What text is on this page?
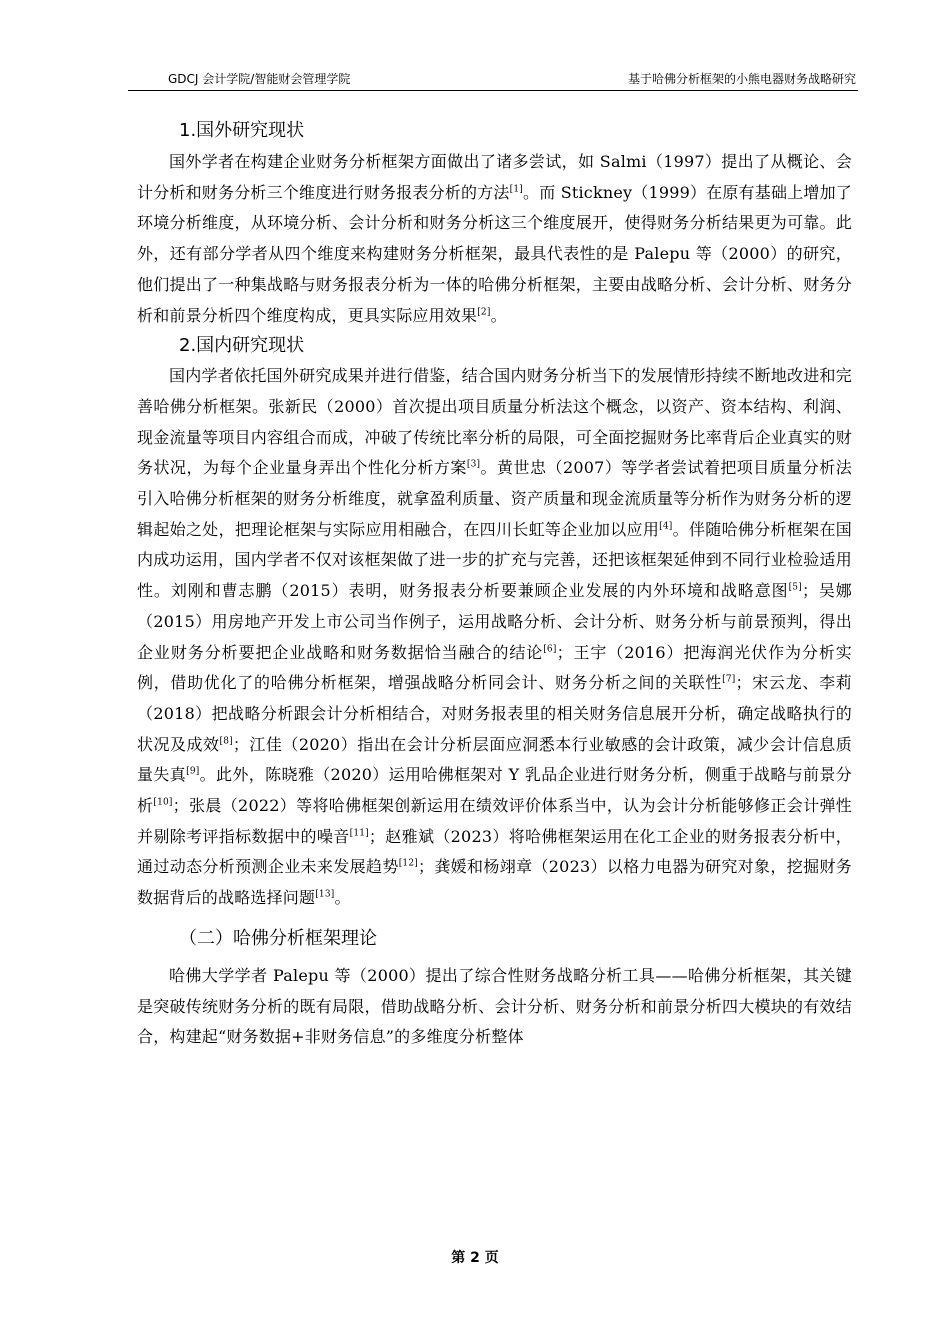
GDCJ 会计学院/智能财会管理学院	基于哈佛分析框架的小熊电器财务战略研究
1.国外研究现状

国外学者在构建企业财务分析框架方面做出了诸多尝试，如 Salmi（1997）提出了从概论、会计分析和财务分析三个维度进行财务报表分析的方法[1]。而 Stickney（1999）在原有基础上增加了环境分析维度，从环境分析、会计分析和财务分析这三个维度展开，使得财务分析结果更为可靠。此外，还有部分学者从四个维度来构建财务分析框架，最具代表性的是 Palepu 等（2000）的研究，他们提出了一种集战略与财务报表分析为一体的哈佛分析框架，主要由战略分析、会计分析、财务分析和前景分析四个维度构成，更具实际应用效果[2]。

2.国内研究现状

国内学者依托国外研究成果并进行借鉴，结合国内财务分析当下的发展情形持续不断地改进和完善哈佛分析框架。张新民（2000）首次提出项目质量分析法这个概念，以资产、资本结构、利润、现金流量等项目内容组合而成，冲破了传统比率分析的局限，可全面挖掘财务比率背后企业真实的财务状况，为每个企业量身弄出个性化分析方案[3]。黄世忠（2007）等学者尝试着把项目质量分析法引入哈佛分析框架的财务分析维度，就拿盈利质量、资产质量和现金流质量等分析作为财务分析的逻辑起始之处，把理论框架与实际应用相融合，在四川长虹等企业加以应用[4]。伴随哈佛分析框架在国内成功运用，国内学者不仅对该框架做了进一步的扩充与完善，还把该框架延伸到不同行业检验适用性。刘刚和曹志鹏（2015）表明，财务报表分析要兼顾企业发展的内外环境和战略意图[5]；吴娜（2015）用房地产开发上市公司当作例子，运用战略分析、会计分析、财务分析与前景预判，得出企业财务分析要把企业战略和财务数据恰当融合的结论[6]；王宇（2016）把海润光伏作为分析实例，借助优化了的哈佛分析框架，增强战略分析同会计、财务分析之间的关联性[7]；宋云龙、李莉（2018）把战略分析跟会计分析相结合，对财务报表里的相关财务信息展开分析，确定战略执行的状况及成效[8]；江佳（2020）指出在会计分析层面应洞悉本行业敏感的会计政策，减少会计信息质量失真[9]。此外，陈晓雅（2020）运用哈佛框架对 Y 乳品企业进行财务分析，侧重于战略与前景分析[10]；张晨（2022）等将哈佛框架创新运用在绩效评价体系当中，认为会计分析能够修正会计弹性并剔除考评指标数据中的噪音[11]；赵雅斌（2023）将哈佛框架运用在化工企业的财务报表分析中，通过动态分析预测企业未来发展趋势[12]；龚媛和杨翊章（2023）以格力电器为研究对象，挖掘财务数据背后的战略选择问题[13]。

（二）哈佛分析框架理论

哈佛大学学者 Palepu 等（2000）提出了综合性财务战略分析工具——哈佛分析框架，其关键是突破传统财务分析的既有局限，借助战略分析、会计分析、财务分析和前景分析四大模块的有效结合，构建起“财务数据+非财务信息”的多维度分析整体

第 2 页
